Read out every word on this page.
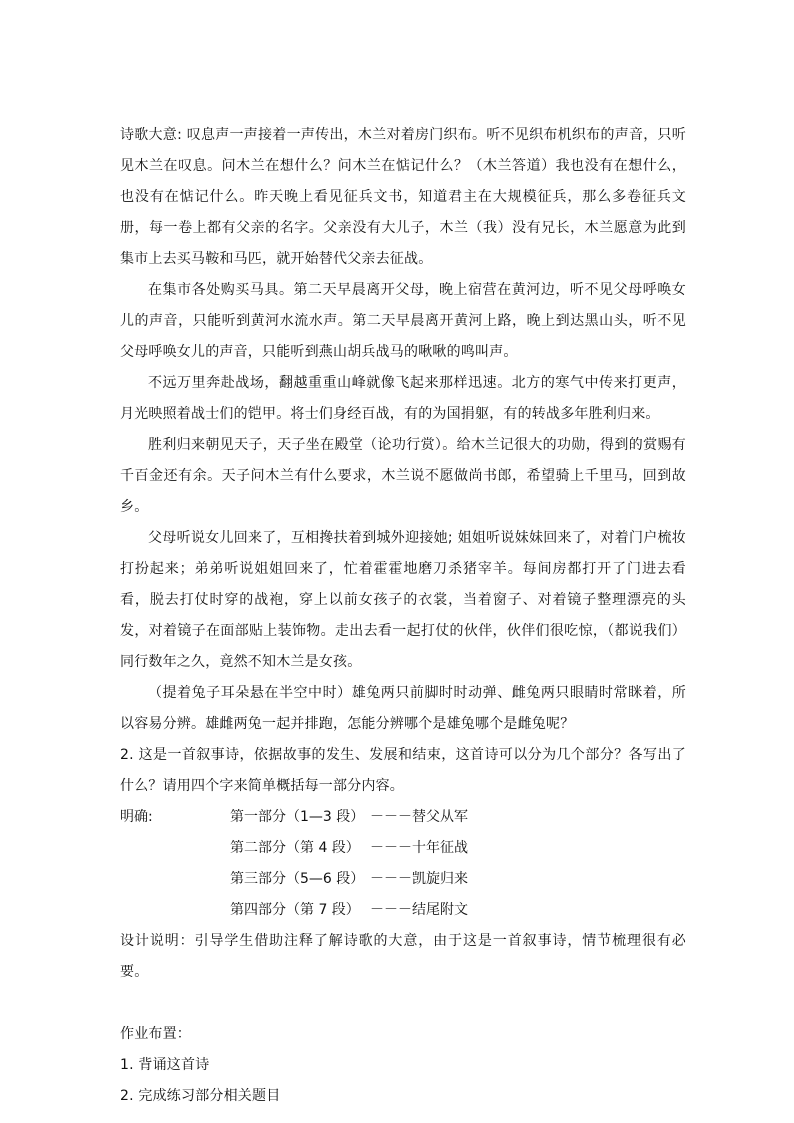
诗歌大意: 叹息声一声接着一声传出，木兰对着房门织布。听不见织布机织布的声音，只听见木兰在叹息。问木兰在想什么？问木兰在惦记什么？（木兰答道）我也没有在想什么，也没有在惦记什么。昨天晚上看见征兵文书，知道君主在大规模征兵，那么多卷征兵文册，每一卷上都有父亲的名字。父亲没有大儿子，木兰（我）没有兄长，木兰愿意为此到集市上去买马鞍和马匹，就开始替代父亲去征战。

在集市各处购买马具。第二天早晨离开父母，晚上宿营在黄河边，听不见父母呼唤女儿的声音，只能听到黄河水流水声。第二天早晨离开黄河上路，晚上到达黑山头，听不见父母呼唤女儿的声音，只能听到燕山胡兵战马的啾啾的鸣叫声。

不远万里奔赴战场，翻越重重山峰就像飞起来那样迅速。北方的寒气中传来打更声，月光映照着战士们的铠甲。将士们身经百战，有的为国捐躯，有的转战多年胜利归来。

胜利归来朝见天子，天子坐在殿堂（论功行赏）。给木兰记很大的功勋，得到的赏赐有千百金还有余。天子问木兰有什么要求，木兰说不愿做尚书郎，希望骑上千里马，回到故乡。

父母听说女儿回来了，互相搀扶着到城外迎接她; 姐姐听说妹妹回来了，对着门户梳妆打扮起来；弟弟听说姐姐回来了，忙着霍霍地磨刀杀猪宰羊。每间房都打开了门进去看看，脱去打仗时穿的战袍，穿上以前女孩子的衣裳，当着窗子、对着镜子整理漂亮的头发，对着镜子在面部贴上装饰物。走出去看一起打仗的伙伴，伙伴们很吃惊，（都说我们）同行数年之久，竟然不知木兰是女孩。

（提着兔子耳朵悬在半空中时）雄兔两只前脚时时动弹、雌兔两只眼睛时常眯着，所以容易分辨。雄雌两兔一起并排跑，怎能分辨哪个是雄兔哪个是雌兔呢？

2. 这是一首叙事诗，依据故事的发生、发展和结束，这首诗可以分为几个部分？各写出了什么？请用四个字来简单概括每一部分内容。

明确:	第一部分（1—3 段） －－－替父从军
第二部分（第 4 段） －－－十年征战
第三部分（5—6 段） －－－凯旋归来
第四部分（第 7 段） －－－结尾附文

设计说明：引导学生借助注释了解诗歌的大意，由于这是一首叙事诗，情节梳理很有必要。

作业布置：

1. 背诵这首诗

2. 完成练习部分相关题目
